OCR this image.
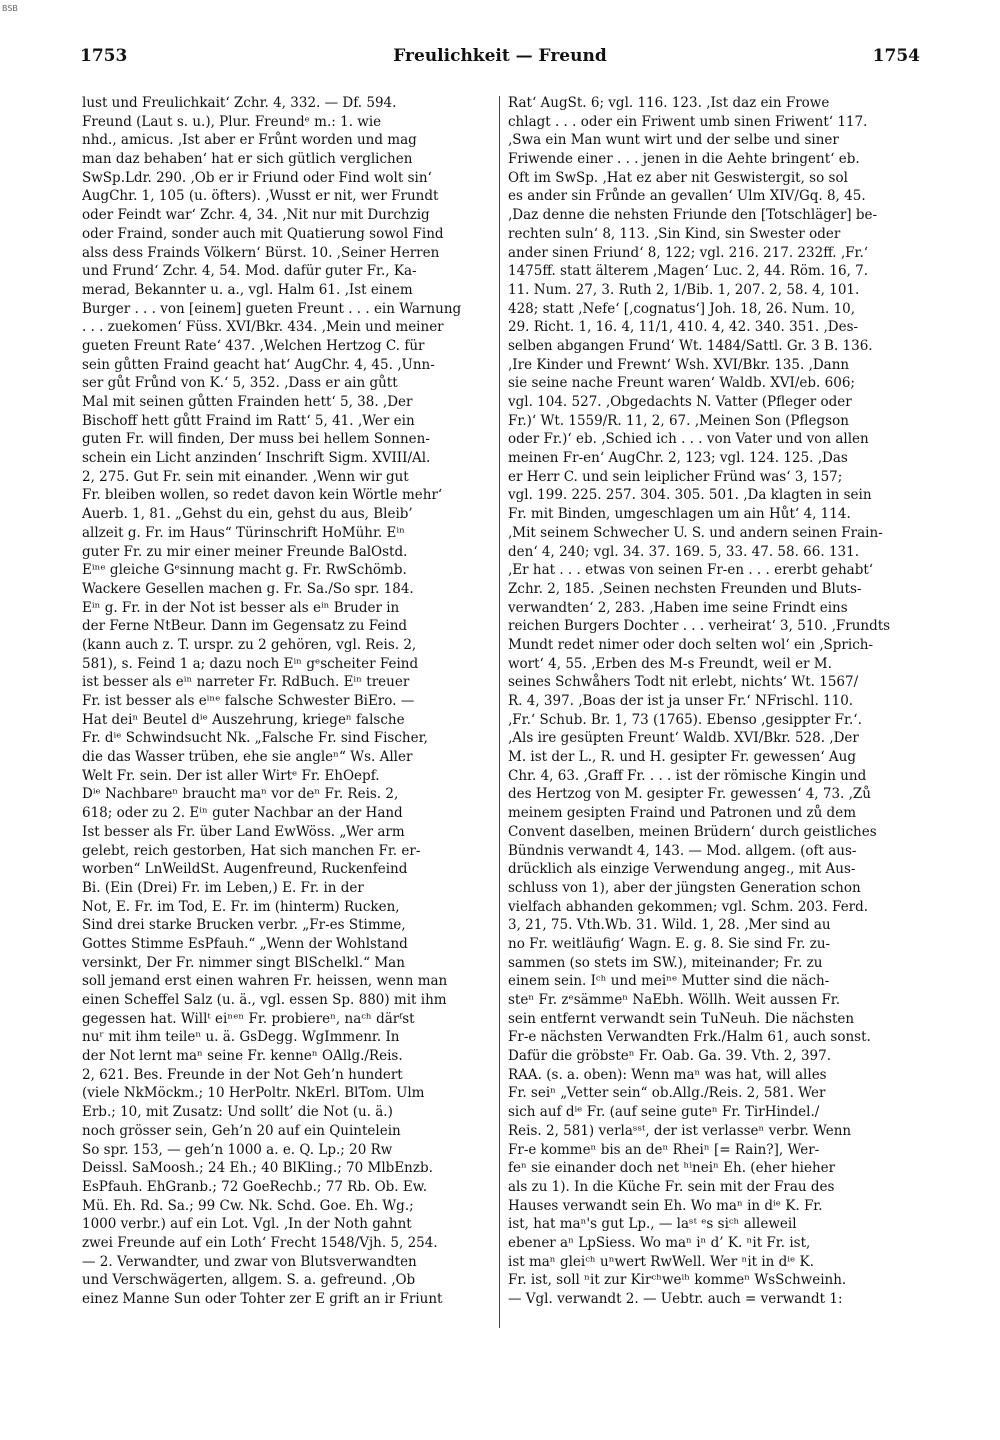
BSB
1753	Freulichkeit — Freund	1754
lust und Freulichkait‘ Zchr. 4, 332. — Df. 594.
Freund (Laut s. u.), Plur. Freundᵉ m.: 1. wie
nhd., amicus. ‚Ist aber er Frůnt worden und mag
man daz behaben‘ hat er sich gütlich verglichen
SwSp.Ldr. 290. ‚Ob er ir Friund oder Find wolt sin‘
AugChr. 1, 105 (u. öfters). ‚Wusst er nit, wer Frundt
oder Feindt war‘ Zchr. 4, 34. ‚Nit nur mit Durchzig
oder Fraind, sonder auch mit Quatierung sowol Find
alss dess Frainds Völkern‘ Bürst. 10. ‚Seiner Herren
und Frund‘ Zchr. 4, 54. Mod. dafür guter Fr., Ka-
merad, Bekannter u. a., vgl. Halm 61. ‚Ist einem
Burger . . . von [einem] gueten Freunt . . . ein Warnung
. . . zuekomen‘ Füss. XVI/Bkr. 434. ‚Mein und meiner
gueten Freunt Rate‘ 437. ‚Welchen Hertzog C. für
sein gůtten Fraind geacht hat‘ AugChr. 4, 45. ‚Unn-
ser gůt Frůnd von K.‘ 5, 352. ‚Dass er ain gůtt
Mal mit seinen gůtten Frainden hett‘ 5, 38. ‚Der
Bischoff hett gůtt Fraind im Ratt‘ 5, 41. ‚Wer ein
guten Fr. will finden, Der muss bei hellem Sonnen-
schein ein Licht anzinden‘ Inschrift Sigm. XVIII/Al.
2, 275. Gut Fr. sein mit einander. ‚Wenn wir gut
Fr. bleiben wollen, so redet davon kein Wörtle mehr‘
Auerb. 1, 81. „Gehst du ein, gehst du aus, Bleib’
allzeit g. Fr. im Haus“ Türinschrift HoMühr. Eⁱⁿ
guter Fr. zu mir einer meiner Freunde BalOstd.
Eⁱⁿᵉ gleiche Gᵉsinnung macht g. Fr. RwSchömb.
Wackere Gesellen machen g. Fr. Sa./So spr. 184.
Eⁱⁿ g. Fr. in der Not ist besser als eⁱⁿ Bruder in
der Ferne NtBeur. Dann im Gegensatz zu Feind
(kann auch z. T. urspr. zu 2 gehören, vgl. Reis. 2,
581), s. Feind 1 a; dazu noch Eⁱⁿ gᵉscheiter Feind
ist besser als eⁱⁿ narreter Fr. RdBuch. Eⁱⁿ treuer
Fr. ist besser als eⁱⁿᵉ falsche Schwester BiEro. —
Hat deiⁿ Beutel dⁱᵉ Auszehrung, kriegeⁿ falsche
Fr. dⁱᵉ Schwindsucht Nk. „Falsche Fr. sind Fischer,
die das Wasser trüben, ehe sie angleⁿ“ Ws. Aller
Welt Fr. sein. Der ist aller Wirtᵉ Fr. EhOepf.
Dⁱᵉ Nachbareⁿ braucht maⁿ vor deⁿ Fr. Reis. 2,
618; oder zu 2. Eⁱⁿ guter Nachbar an der Hand
Ist besser als Fr. über Land EwWöss. „Wer arm
gelebt, reich gestorben, Hat sich manchen Fr. er-
worben“ LnWeildSt. Augenfreund, Ruckenfeind
Bi. (Ein (Drei) Fr. im Leben,) E. Fr. in der
Not, E. Fr. im Tod, E. Fr. im (hinterm) Rucken,
Sind drei starke Brucken verbr. „Fr-es Stimme,
Gottes Stimme EsPfauh.“ „Wenn der Wohlstand
versinkt, Der Fr. nimmer singt BlSchelkl.“ Man
soll jemand erst einen wahren Fr. heissen, wenn man
einen Scheffel Salz (u. ä., vgl. essen Sp. 880) mit ihm
gegessen hat. Willᵗ eiⁿᵉⁿ Fr. probiereⁿ, naᶜʰ därᶠst
nuʳ mit ihm teileⁿ u. ä. GsDegg. WgImmenr. In
der Not lernt maⁿ seine Fr. kenneⁿ OAllg./Reis.
2, 621. Bes. Freunde in der Not Geh’n hundert
(viele NkMöckm.; 10 HerPoltr. NkErl. BlTom. Ulm
Erb.; 10, mit Zusatz: Und sollt’ die Not (u. ä.)
noch grösser sein, Geh’n 20 auf ein Quintelein
So spr. 153, — geh’n 1000 a. e. Q. Lp.; 20 Rw
Deissl. SaMoosh.; 24 Eh.; 40 BlKling.; 70 MlbEnzb.
EsPfauh. EhGranb.; 72 GoeRechb.; 77 Rb. Ob. Ew.
Mü. Eh. Rd. Sa.; 99 Cw. Nk. Schd. Goe. Eh. Wg.;
1000 verbr.) auf ein Lot. Vgl. ‚In der Noth gahnt
zwei Freunde auf ein Loth‘ Frecht 1548/Vjh. 5, 254.
— 2. Verwandter, und zwar von Blutsverwandten
und Verschwägerten, allgem. S. a. gefreund. ‚Ob
einez Manne Sun oder Tohter zer E grift an ir Friunt
Rat‘ AugSt. 6; vgl. 116. 123. ‚Ist daz ein Frowe
chlagt . . . oder ein Friwent umb sinen Friwent‘ 117.
‚Swa ein Man wunt wirt und der selbe und siner
Friwende einer . . . jenen in die Aehte bringent‘ eb.
Oft im SwSp. ‚Hat ez aber nit Geswistergit, so sol
es ander sin Frůnde an gevallen‘ Ulm XIV/Gq. 8, 45.
‚Daz denne die nehsten Friunde den [Totschläger] be-
rechten suln‘ 8, 113. ‚Sin Kind, sin Swester oder
ander sinen Friund‘ 8, 122; vgl. 216. 217. 232ff. ‚Fr.‘
1475ff. statt älterem ‚Magen‘ Luc. 2, 44. Röm. 16, 7.
11. Num. 27, 3. Ruth 2, 1/Bib. 1, 207. 2, 58. 4, 101.
428; statt ‚Nefe‘ [‚cognatus‘] Joh. 18, 26. Num. 10,
29. Richt. 1, 16. 4, 11/1, 410. 4, 42. 340. 351. ‚Des-
selben abgangen Frund‘ Wt. 1484/Sattl. Gr. 3 B. 136.
‚Ire Kinder und Frewnt‘ Wsh. XVI/Bkr. 135. ‚Dann
sie seine nache Freunt waren‘ Waldb. XVI/eb. 606;
vgl. 104. 527. ‚Obgedachts N. Vatter (Pfleger oder
Fr.)‘ Wt. 1559/R. 11, 2, 67. ‚Meinen Son (Pflegson
oder Fr.)‘ eb. ‚Schied ich . . . von Vater und von allen
meinen Fr-en‘ AugChr. 2, 123; vgl. 124. 125. ‚Das
er Herr C. und sein leiplicher Fründ was‘ 3, 157;
vgl. 199. 225. 257. 304. 305. 501. ‚Da klagten in sein
Fr. mit Binden, umgeschlagen um ain Hůt‘ 4, 114.
‚Mit seinem Schwecher U. S. und andern seinen Frain-
den‘ 4, 240; vgl. 34. 37. 169. 5, 33. 47. 58. 66. 131.
‚Er hat . . . etwas von seinen Fr-en . . . ererbt gehabt‘
Zchr. 2, 185. ‚Seinen nechsten Freunden und Bluts-
verwandten‘ 2, 283. ‚Haben ime seine Frindt eins
reichen Burgers Dochter . . . verheirat‘ 3, 510. ‚Frundts
Mundt redet nimer oder doch selten wol‘ ein ‚Sprich-
wort‘ 4, 55. ‚Erben des M-s Freundt, weil er M.
seines Schwåhers Todt nit erlebt, nichts‘ Wt. 1567/
R. 4, 397. ‚Boas der ist ja unser Fr.‘ NFrischl. 110.
‚Fr.‘ Schub. Br. 1, 73 (1765). Ebenso ‚gesippter Fr.‘.
‚Als ire gesüpten Freunt‘ Waldb. XVI/Bkr. 528. ‚Der
M. ist der L., R. und H. gesipter Fr. gewessen‘ Aug
Chr. 4, 63. ‚Graff Fr. . . . ist der römische Kingin und
des Hertzog von M. gesipter Fr. gewessen‘ 4, 73. ‚Zů
meinem gesipten Fraind und Patronen und zů dem
Convent daselben, meinen Brüdern‘ durch geistliches
Bündnis verwandt 4, 143. — Mod. allgem. (oft aus-
drücklich als einzige Verwendung angeg., mit Aus-
schluss von 1), aber der jüngsten Generation schon
vielfach abhanden gekommen; vgl. Schm. 203. Ferd.
3, 21, 75. Vth.Wb. 31. Wild. 1, 28. ‚Mer sind au
no Fr. weitläufig‘ Wagn. E. g. 8. Sie sind Fr. zu-
sammen (so stets im SW.), miteinander; Fr. zu
einem sein. Iᶜʰ und meiⁿᵉ Mutter sind die näch-
steⁿ Fr. zᵉsämmeⁿ NaEbh. Wöllh. Weit aussen Fr.
sein entfernt verwandt sein TuNeuh. Die nächsten
Fr-e nächsten Verwandten Frk./Halm 61, auch sonst.
Dafür die gröbsteⁿ Fr. Oab. Ga. 39. Vth. 2, 397.
RAA. (s. a. oben): Wenn maⁿ was hat, will alles
Fr. seiⁿ „Vetter sein“ ob.Allg./Reis. 2, 581. Wer
sich auf dⁱᵉ Fr. (auf seine guteⁿ Fr. TirHindel./
Reis. 2, 581) verlaˢˢᵗ, der ist verlasseⁿ verbr. Wenn
Fr-e kommeⁿ bis an deⁿ Rheiⁿ [= Rain?], Wer-
feⁿ sie einander doch net ʰⁱneiⁿ Eh. (eher hieher
als zu 1). In die Küche Fr. sein mit der Frau des
Hauses verwandt sein Eh. Wo maⁿ in dⁱᵉ K. Fr.
ist, hat maⁿ's gut Lp., — laˢᵗ ᵉs siᶜʰ alleweil
ebener aⁿ LpSiess. Wo maⁿ iⁿ d’ K. ⁿit Fr. ist,
ist maⁿ gleiᶜʰ uⁿwert RwWell. Wer ⁿit in dⁱᵉ K.
Fr. ist, soll ⁿit zur Kirᶜʰweⁱʰ kommeⁿ WsSchweinh.
— Vgl. verwandt 2. — Uebtr. auch = verwandt 1:
